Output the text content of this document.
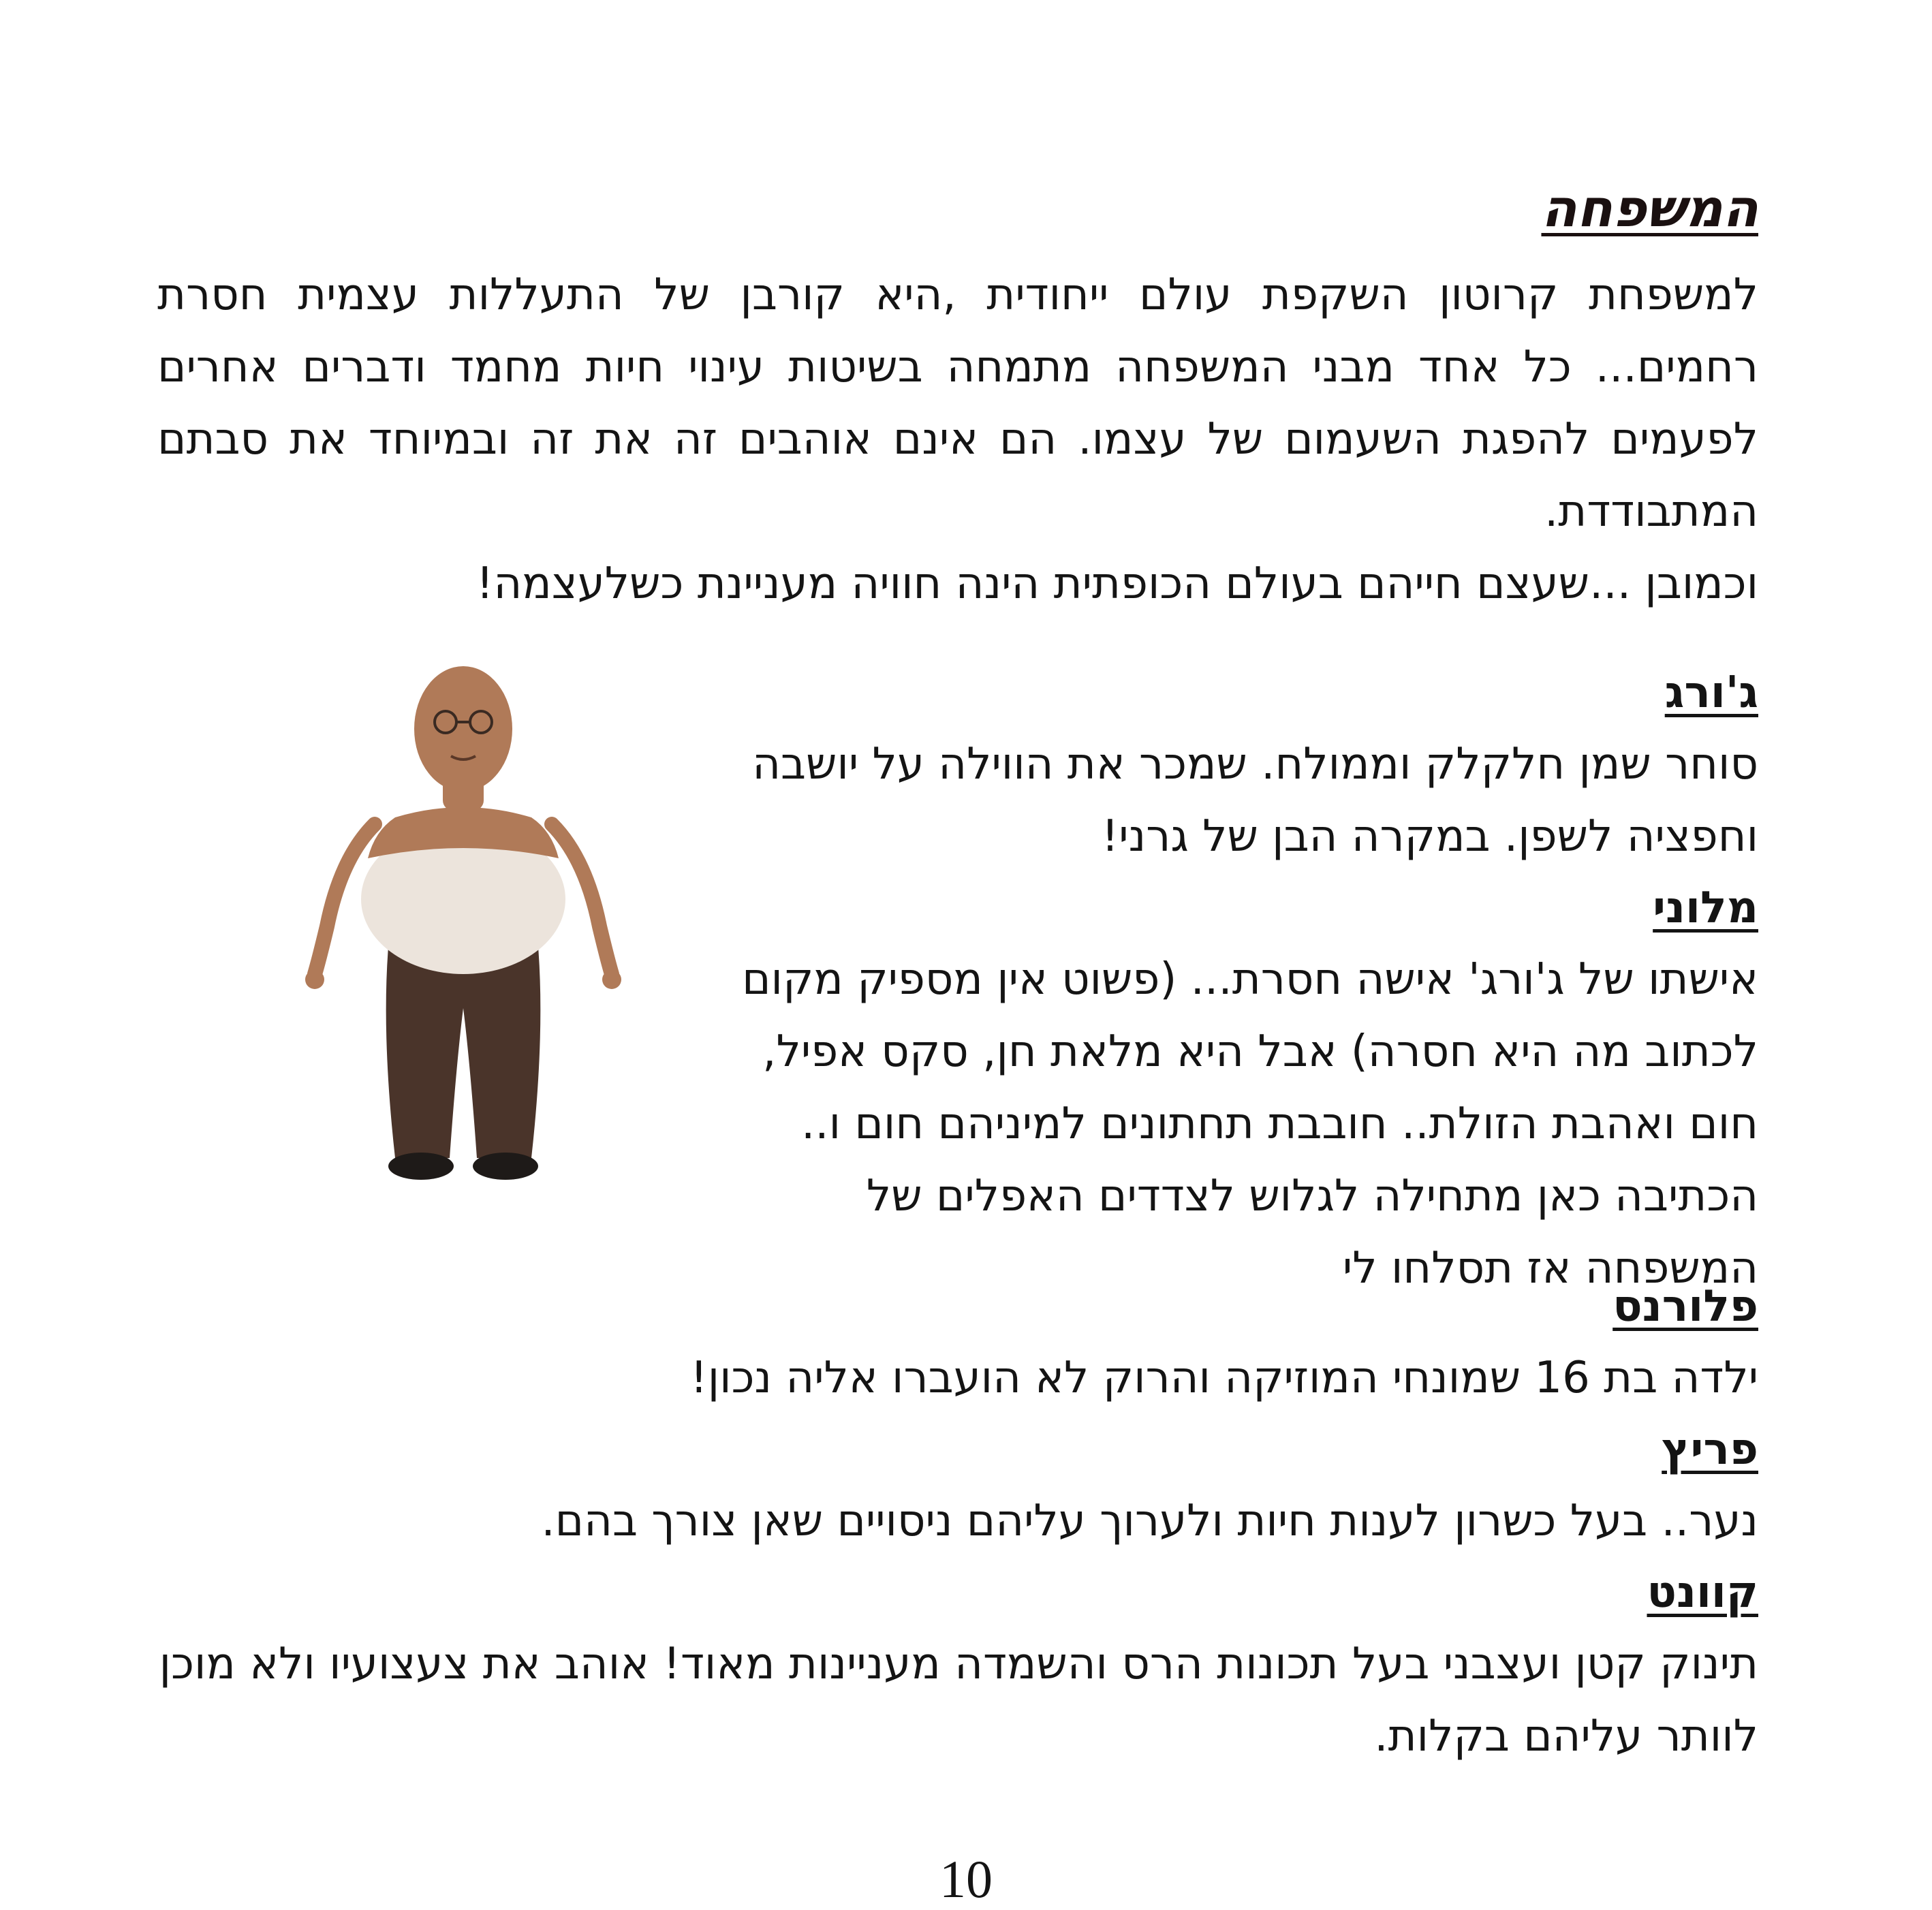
המשפחה

למשפחת קרוטון השקפת עולם ייחודית ,היא קורבן של התעללות עצמית חסרת רחמים... כל אחד מבני המשפחה מתמחה בשיטות עינוי חיות מחמד ודברים אחרים לפעמים להפגת השעמום של עצמו. הם אינם אוהבים זה את זה ובמיוחד את סבתם המתבודדת.

וכמובן ...שעצם חייהם בעולם הכופתית הינה חוויה מעניינת כשלעצמה!

ג'ורג
סוחר שמן חלקלק וממולח. שמכר את הווילה על יושבה וחפציה לשפן. במקרה הבן של גרני!
מלוני
אישתו של ג'ורג' אישה חסרת... (פשוט אין מספיק מקום לכתוב מה היא חסרה) אבל היא מלאת חן, סקס אפיל, חום ואהבת הזולת.. חובבת תחתונים למיניהם חום ו.. הכתיבה כאן מתחילה לגלוש לצדדים האפלים של המשפחה אז תסלחו לי
פלורנס
ילדה בת 16 שמונחי המוזיקה והרוק לא הועברו אליה נכון!
פריץ
נער.. בעל כשרון לענות חיות ולערוך עליהם ניסויים שאן צורך בהם.
קוונט
תינוק קטן ועצבני בעל תכונות הרס והשמדה מעניינות מאוד! אוהב את צעצועיו ולא מוכן לוותר עליהם בקלות.
10
